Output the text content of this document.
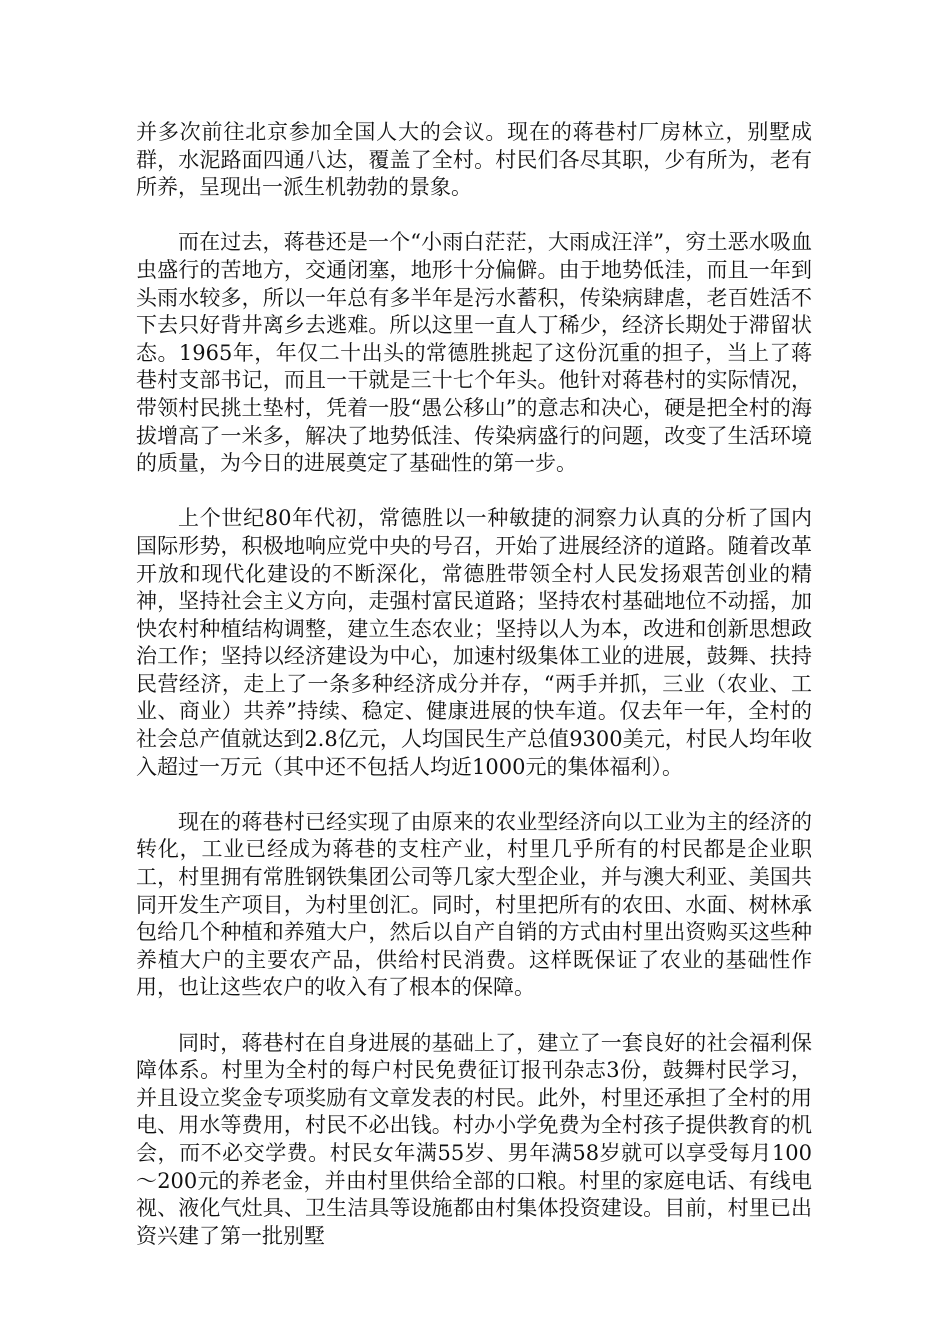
并多次前往北京参加全国人大的会议。现在的蒋巷村厂房林立，别墅成群，水泥路面四通八达，覆盖了全村。村民们各尽其职，少有所为，老有所养，呈现出一派生机勃勃的景象。

而在过去，蒋巷还是一个“小雨白茫茫，大雨成汪洋”，穷土恶水吸血虫盛行的苦地方，交通闭塞，地形十分偏僻。由于地势低洼，而且一年到头雨水较多，所以一年总有多半年是污水蓄积，传染病肆虐，老百姓活不下去只好背井离乡去逃难。所以这里一直人丁稀少，经济长期处于滞留状态。1965年，年仅二十出头的常德胜挑起了这份沉重的担子，当上了蒋巷村支部书记，而且一干就是三十七个年头。他针对蒋巷村的实际情况，带领村民挑土垫村，凭着一股“愚公移山”的意志和决心，硬是把全村的海拔增高了一米多，解决了地势低洼、传染病盛行的问题，改变了生活环境的质量，为今日的进展奠定了基础性的第一步。

上个世纪80年代初，常德胜以一种敏捷的洞察力认真的分析了国内国际形势，积极地响应党中央的号召，开始了进展经济的道路。随着改革开放和现代化建设的不断深化，常德胜带领全村人民发扬艰苦创业的精神，坚持社会主义方向，走强村富民道路；坚持农村基础地位不动摇，加快农村种植结构调整，建立生态农业；坚持以人为本，改进和创新思想政治工作；坚持以经济建设为中心，加速村级集体工业的进展，鼓舞、扶持民营经济，走上了一条多种经济成分并存，“两手并抓，三业（农业、工业、商业）共养”持续、稳定、健康进展的快车道。仅去年一年，全村的社会总产值就达到2.8亿元，人均国民生产总值9300美元，村民人均年收入超过一万元（其中还不包括人均近1000元的集体福利）。

现在的蒋巷村已经实现了由原来的农业型经济向以工业为主的经济的转化，工业已经成为蒋巷的支柱产业，村里几乎所有的村民都是企业职工，村里拥有常胜钢铁集团公司等几家大型企业，并与澳大利亚、美国共同开发生产项目，为村里创汇。同时，村里把所有的农田、水面、树林承包给几个种植和养殖大户，然后以自产自销的方式由村里出资购买这些种养植大户的主要农产品，供给村民消费。这样既保证了农业的基础性作用，也让这些农户的收入有了根本的保障。

同时，蒋巷村在自身进展的基础上了，建立了一套良好的社会福利保障体系。村里为全村的每户村民免费征订报刊杂志3份，鼓舞村民学习，并且设立奖金专项奖励有文章发表的村民。此外，村里还承担了全村的用电、用水等费用，村民不必出钱。村办小学免费为全村孩子提供教育的机会，而不必交学费。村民女年满55岁、男年满58岁就可以享受每月100～200元的养老金，并由村里供给全部的口粮。村里的家庭电话、有线电视、液化气灶具、卫生洁具等设施都由村集体投资建设。目前，村里已出资兴建了第一批别墅
